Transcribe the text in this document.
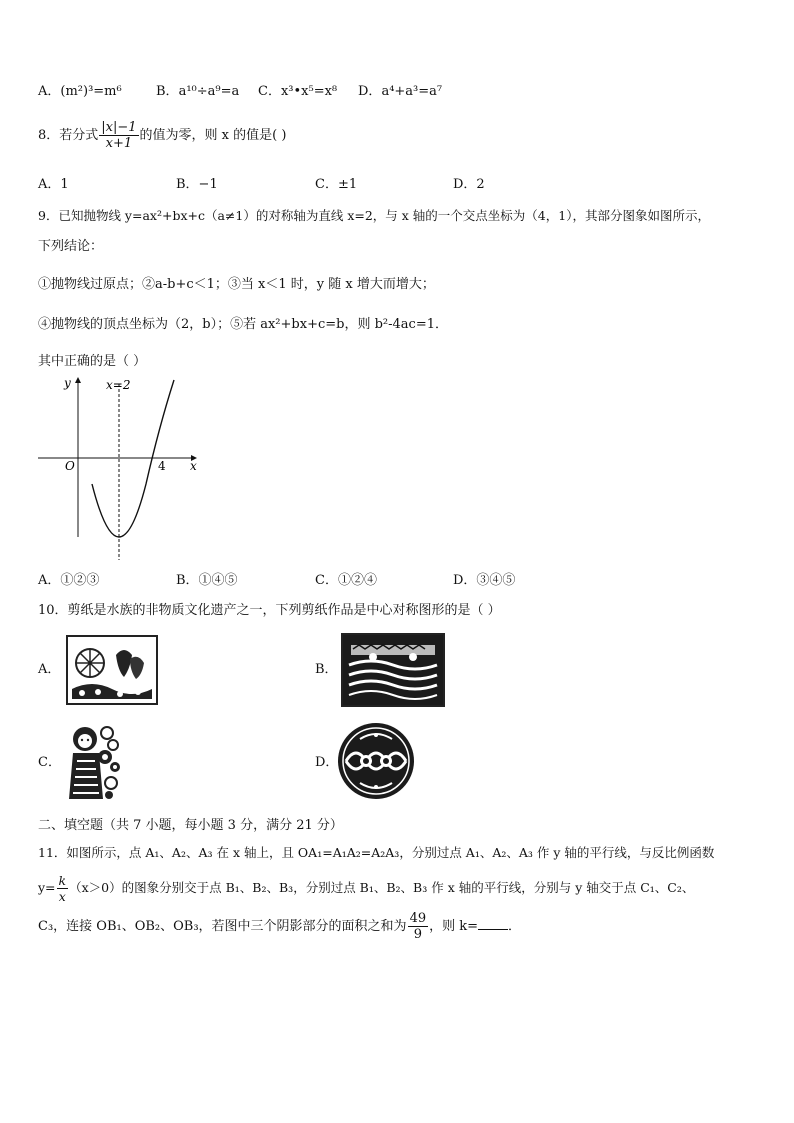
A．(m²)³=m⁶	B．a¹⁰÷a⁹=a C．x³•x⁵=x⁸ D．a⁴+a³=a⁷
8．若分式 $\frac{|x|-1}{x+1}$ 的值为零，则 x 的值是( )
A．1	B．−1	C．±1	D．2
9．已知抛物线 y=ax²+bx+c（a≠1）的对称轴为直线 x=2，与 x 轴的一个交点坐标为（4，1），其部分图象如图所示，
下列结论：
①抛物线过原点；②a-b+c＜1；③当 x＜1 时，y 随 x 增大而增大；
④抛物线的顶点坐标为（2，b）；⑤若 ax²+bx+c=b，则 b²-4ac=1．
其中正确的是（ ）
y
x
x=2
O	4
A．①②③	B．①④⑤	C．①②④	D．③④⑤
10．剪纸是水族的非物质文化遗产之一，下列剪纸作品是中心对称图形的是（ ）
A．	B．
C．	D．
二、填空题（共 7 小题，每小题 3 分，满分 21 分）
11．如图所示，点 A₁、A₂、A₃ 在 x 轴上，且 OA₁=A₁A₂=A₂A₃，分别过点 A₁、A₂、A₃ 作 y 轴的平行线，与反比例函数
$y= \frac{k}{x} (x>0)$的图象分别交于点 B₁、B₂、B₃，分别过点 B₁、B₂、B₃ 作 x 轴的平行线，分别与 y 轴交于点 C₁、C₂、
C₃，连接 OB₁、OB₂、OB₃，若图中三个阴影部分的面积之和为 $\frac{49}{9}$ ，则 k= ．
